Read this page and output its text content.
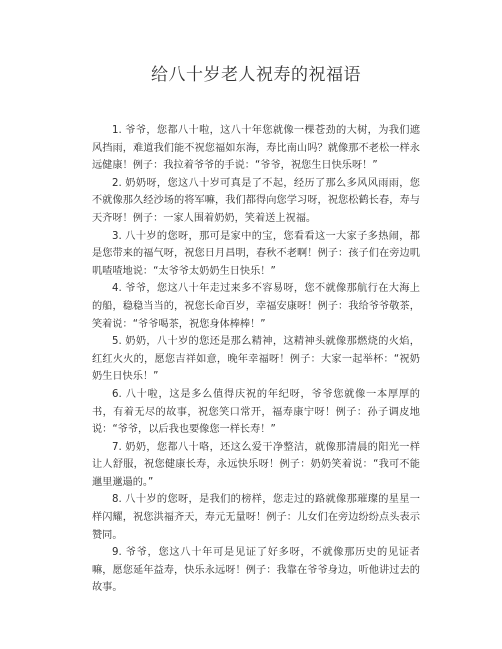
给八十岁老人祝寿的祝福语

1. 爷爷，您都八十啦，这八十年您就像一棵苍劲的大树，为我们遮风挡雨，难道我们能不祝您福如东海，寿比南山吗？就像那不老松一样永远健康！例子：我拉着爷爷的手说：“爷爷，祝您生日快乐呀！”

2. 奶奶呀，您这八十岁可真是了不起，经历了那么多风风雨雨，您不就像那久经沙场的将军嘛，我们都得向您学习呀，祝您松鹤长春，寿与天齐呀！例子：一家人围着奶奶，笑着送上祝福。

3. 八十岁的您呀，那可是家中的宝，您看看这一大家子多热闹，都是您带来的福气呀，祝您日月昌明，春秋不老啊！例子：孩子们在旁边叽叽喳喳地说：“太爷爷太奶奶生日快乐！”

4. 爷爷，您这八十年走过来多不容易呀，您不就像那航行在大海上的船，稳稳当当的，祝您长命百岁，幸福安康呀！例子：我给爷爷敬茶，笑着说：“爷爷喝茶，祝您身体棒棒！”

5. 奶奶，八十岁的您还是那么精神，这精神头就像那燃烧的火焰，红红火火的，愿您吉祥如意，晚年幸福呀！例子：大家一起举杯：“祝奶奶生日快乐！”

6. 八十啦，这是多么值得庆祝的年纪呀，爷爷您就像一本厚厚的书，有着无尽的故事，祝您笑口常开，福寿康宁呀！例子：孙子调皮地说：“爷爷，以后我也要像您一样长寿！”

7. 奶奶，您都八十咯，还这么爱干净整洁，就像那清晨的阳光一样让人舒服，祝您健康长寿，永远快乐呀！例子：奶奶笑着说：“我可不能邋里邋遢的。”

8. 八十岁的您呀，是我们的榜样，您走过的路就像那璀璨的星星一样闪耀，祝您洪福齐天，寿元无量呀！例子：儿女们在旁边纷纷点头表示赞同。

9. 爷爷，您这八十年可是见证了好多呀，不就像那历史的见证者嘛，愿您延年益寿，快乐永远呀！例子：我靠在爷爷身边，听他讲过去的故事。
